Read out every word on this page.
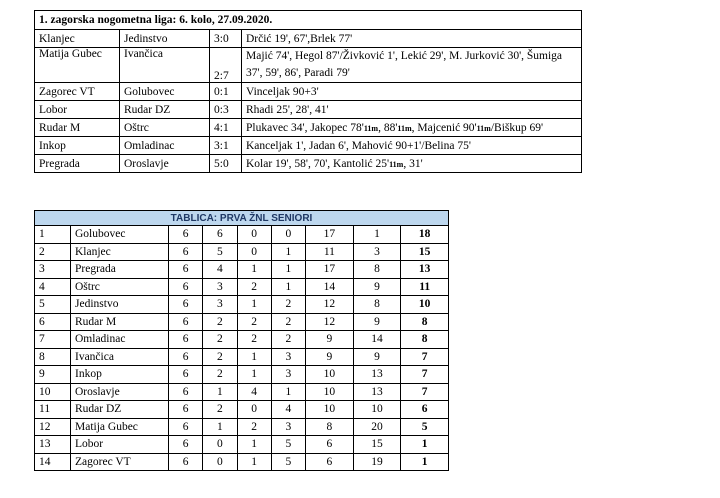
1. zagorska nogometna liga: 6. kolo, 27.09.2020.			
Klanjec	Jedinstvo	3:0	Drčić 19', 67',Brlek 77'
Matija Gubec	Ivančica	2:7	Majić 74', Hegol 87'/Živković 1', Lekić 29', M. Jurković 30', Šumiga 37', 59', 86', Paradi 79'
Zagorec VT	Golubovec	0:1	Vinceljak 90+3'
Lobor	Rudar DZ	0:3	Rhadi 25', 28', 41'
Rudar M	Oštrc	4:1	Plukavec 34', Jakopec 78'11m, 88'11m, Majcenić 90'11m/Biškup 69'
Inkop	Omladinac	3:1	Kanceljak 1', Jadan 6', Mahović 90+1'/Belina 75'
Pregrada	Oroslavje	5:0	Kolar 19', 58', 70', Kantolić 25'11m, 31'
TABLICA: PRVA ŽNL SENIORI								
1	Golubovec	6	6	0	0	17	1	18
2	Klanjec	6	5	0	1	11	3	15
3	Pregrada	6	4	1	1	17	8	13
4	Oštrc	6	3	2	1	14	9	11
5	Jedinstvo	6	3	1	2	12	8	10
6	Rudar M	6	2	2	2	12	9	8
7	Omladinac	6	2	2	2	9	14	8
8	Ivančica	6	2	1	3	9	9	7
9	Inkop	6	2	1	3	10	13	7
10	Oroslavje	6	1	4	1	10	13	7
11	Rudar DZ	6	2	0	4	10	10	6
12	Matija Gubec	6	1	2	3	8	20	5
13	Lobor	6	0	1	5	6	15	1
14	Zagorec VT	6	0	1	5	6	19	1
